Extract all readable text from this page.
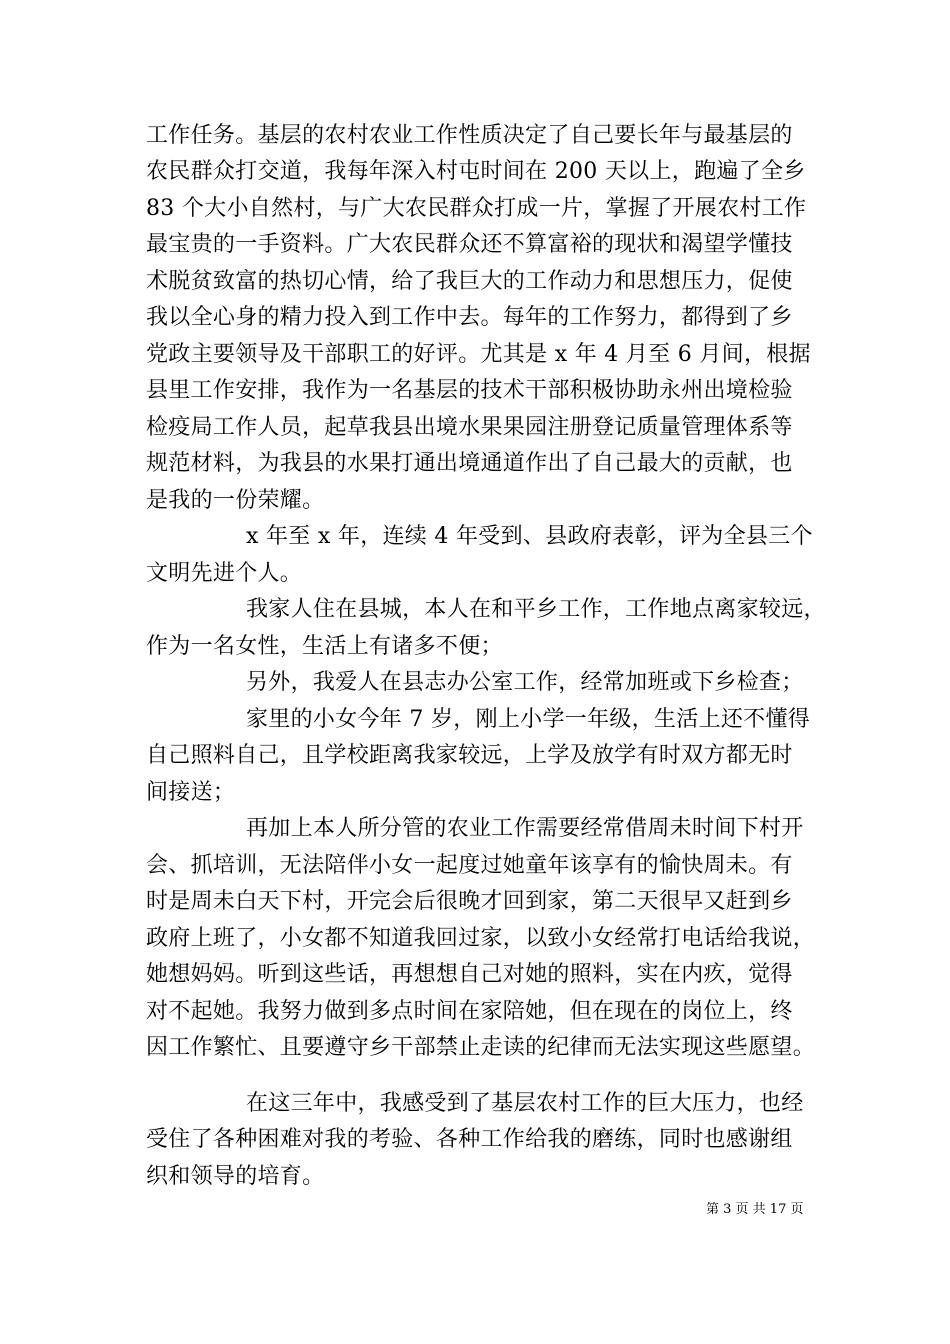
工作任务。基层的农村农业工作性质决定了自己要长年与最基层的
农民群众打交道，我每年深入村屯时间在 200 天以上，跑遍了全乡
83 个大小自然村，与广大农民群众打成一片，掌握了开展农村工作
最宝贵的一手资料。广大农民群众还不算富裕的现状和渴望学懂技
术脱贫致富的热切心情，给了我巨大的工作动力和思想压力，促使
我以全心身的精力投入到工作中去。每年的工作努力，都得到了乡
党政主要领导及干部职工的好评。尤其是 x 年 4 月至 6 月间，根据
县里工作安排，我作为一名基层的技术干部积极协助永州出境检验
检疫局工作人员，起草我县出境水果果园注册登记质量管理体系等
规范材料，为我县的水果打通出境通道作出了自己最大的贡献，也
是我的一份荣耀。
x 年至 x 年，连续 4 年受到、县政府表彰，评为全县三个
文明先进个人。
我家人住在县城，本人在和平乡工作，工作地点离家较远，
作为一名女性，生活上有诸多不便；
另外，我爱人在县志办公室工作，经常加班或下乡检查；
家里的小女今年 7 岁，刚上小学一年级，生活上还不懂得
自己照料自己，且学校距离我家较远，上学及放学有时双方都无时
间接送；
再加上本人所分管的农业工作需要经常借周未时间下村开
会、抓培训，无法陪伴小女一起度过她童年该享有的愉快周未。有
时是周未白天下村，开完会后很晚才回到家，第二天很早又赶到乡
政府上班了，小女都不知道我回过家，以致小女经常打电话给我说，
她想妈妈。听到这些话，再想想自己对她的照料，实在内疚，觉得
对不起她。我努力做到多点时间在家陪她，但在现在的岗位上，终
因工作繁忙、且要遵守乡干部禁止走读的纪律而无法实现这些愿望。
在这三年中，我感受到了基层农村工作的巨大压力，也经
受住了各种困难对我的考验、各种工作给我的磨练，同时也感谢组
织和领导的培育。
第 3 页 共 17 页
